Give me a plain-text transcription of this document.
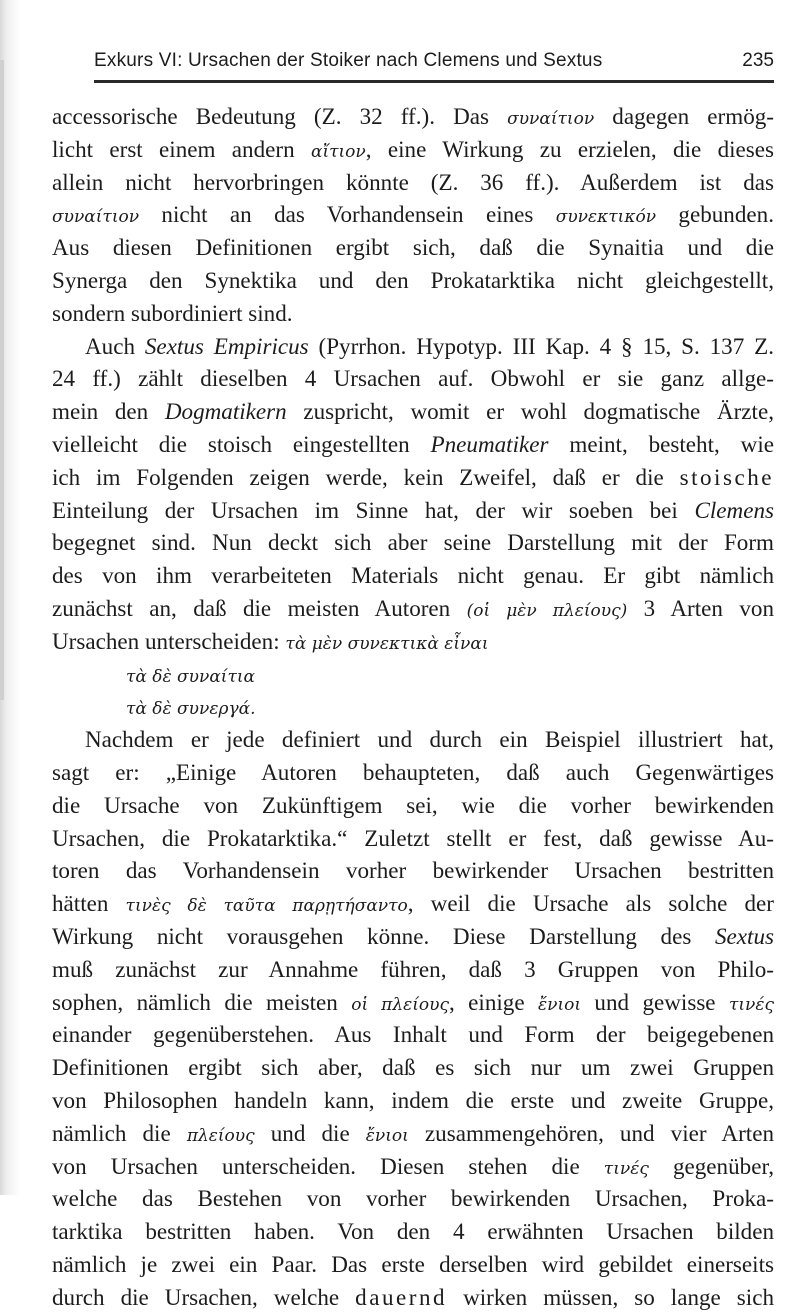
Exkurs VI: Ursachen der Stoiker nach Clemens und Sextus	235
accessorische Bedeutung (Z. 32 ff.). Das συναίτιον dagegen ermög-
licht erst einem andern αἴτιον, eine Wirkung zu erzielen, die dieses
allein nicht hervorbringen könnte (Z. 36 ff.). Außerdem ist das
συναίτιον nicht an das Vorhandensein eines συνεκτικόν gebunden.
Aus diesen Definitionen ergibt sich, daß die Synaitia und die
Synerga den Synektika und den Prokatarktika nicht gleichgestellt,
sondern subordiniert sind.
Auch Sextus Empiricus (Pyrrhon. Hypotyp. III Kap. 4 § 15, S. 137 Z.
24 ff.) zählt dieselben 4 Ursachen auf. Obwohl er sie ganz allge-
mein den Dogmatikern zuspricht, womit er wohl dogmatische Ärzte,
vielleicht die stoisch eingestellten Pneumatiker meint, besteht, wie
ich im Folgenden zeigen werde, kein Zweifel, daß er die stoische
Einteilung der Ursachen im Sinne hat, der wir soeben bei Clemens
begegnet sind. Nun deckt sich aber seine Darstellung mit der Form
des von ihm verarbeiteten Materials nicht genau. Er gibt nämlich
zunächst an, daß die meisten Autoren (οἱ μὲν πλείους) 3 Arten von
Ursachen unterscheiden: τὰ μὲν συνεκτικὰ εἶναι
τὰ δὲ συναίτια
τὰ δὲ συνεργά.
Nachdem er jede definiert und durch ein Beispiel illustriert hat,
sagt er: „Einige Autoren behaupteten, daß auch Gegenwärtiges
die Ursache von Zukünftigem sei, wie die vorher bewirkenden
Ursachen, die Prokatarktika.“ Zuletzt stellt er fest, daß gewisse Au-
toren das Vorhandensein vorher bewirkender Ursachen bestritten
hätten τινὲς δὲ ταῦτα παρῃτήσαντο, weil die Ursache als solche der
Wirkung nicht vorausgehen könne. Diese Darstellung des Sextus
muß zunächst zur Annahme führen, daß 3 Gruppen von Philo-
sophen, nämlich die meisten οἱ πλείους, einige ἔνιοι und gewisse τινές
einander gegenüberstehen. Aus Inhalt und Form der beigegebenen
Definitionen ergibt sich aber, daß es sich nur um zwei Gruppen
von Philosophen handeln kann, indem die erste und zweite Gruppe,
nämlich die πλείους und die ἔνιοι zusammengehören, und vier Arten
von Ursachen unterscheiden. Diesen stehen die τινές gegenüber,
welche das Bestehen von vorher bewirkenden Ursachen, Proka-
tarktika bestritten haben. Von den 4 erwähnten Ursachen bilden
nämlich je zwei ein Paar. Das erste derselben wird gebildet einerseits
durch die Ursachen, welche dauernd wirken müssen, so lange sich
